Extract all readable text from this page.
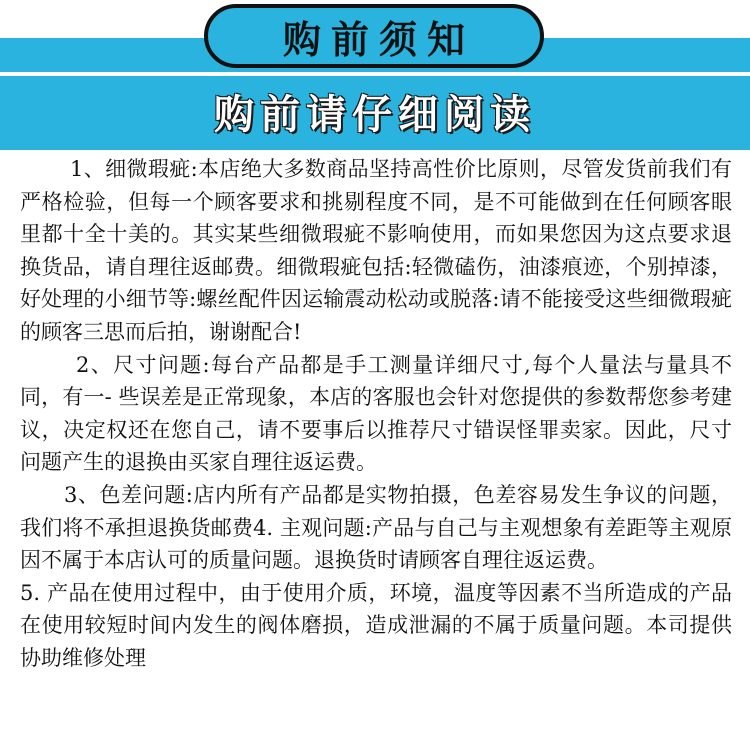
购前须知
购前请仔细阅读

1、细微瑕疵:本店绝大多数商品坚持高性价比原则，尽管发货前我们有严格检验，但每一个顾客要求和挑剔程度不同，是不可能做到在任何顾客眼里都十全十美的。其实某些细微瑕疵不影响使用，而如果您因为这点要求退换货品，请自理往返邮费。细微瑕疵包括:轻微磕伤，油漆痕迹，个别掉漆，好处理的小细节等:螺丝配件因运输震动松动或脱落:请不能接受这些细微瑕疵的顾客三思而后拍，谢谢配合!

2、尺寸问题:每台产品都是手工测量详细尺寸,每个人量法与量具不同，有一- 些误差是正常现象，本店的客服也会针对您提供的参数帮您参考建议，决定权还在您自己，请不要事后以推荐尺寸错误怪罪卖家。因此，尺寸问题产生的退换由买家自理往返运费。

3、色差问题:店内所有产品都是实物拍摄，色差容易发生争议的问题，我们将不承担退换货邮费4. 主观问题:产品与自己与主观想象有差距等主观原因不属于本店认可的质量问题。退换货时请顾客自理往返运费。

5. 产品在使用过程中，由于使用介质，环境，温度等因素不当所造成的产品在使用较短时间内发生的阀体磨损，造成泄漏的不属于质量问题。本司提供协助维修处理
